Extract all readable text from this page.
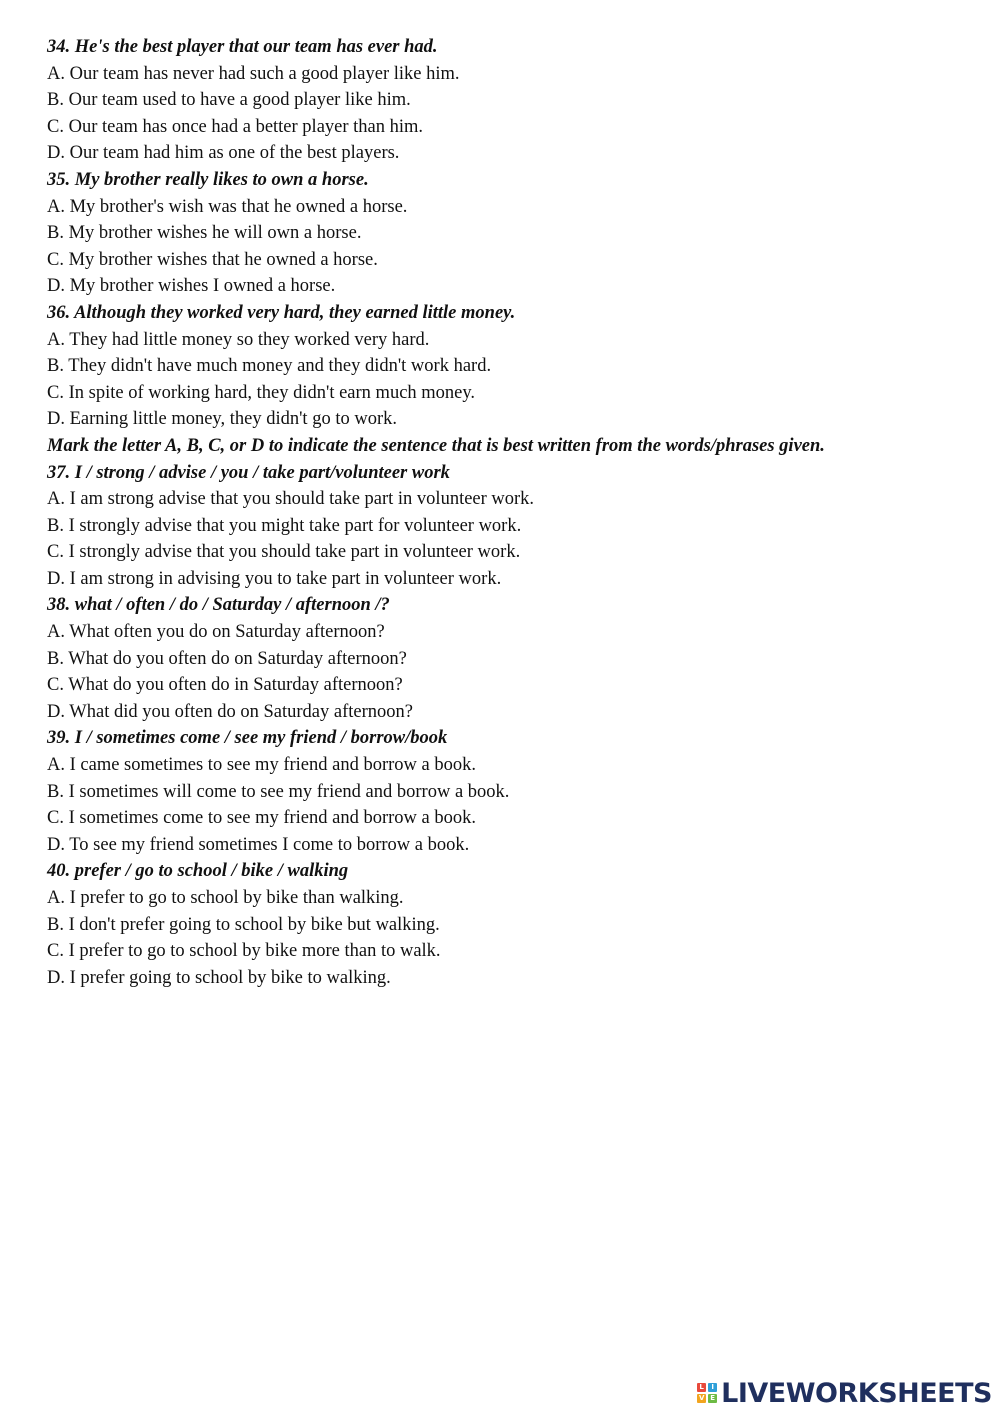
34. He's the best player that our team has ever had.
A. Our team has never had such a good player like him.
B. Our team used to have a good player like him.
C. Our team has once had a better player than him.
D. Our team had him as one of the best players.
35. My brother really likes to own a horse.
A. My brother's wish was that he owned a horse.
B. My brother wishes he will own a horse.
C. My brother wishes that he owned a horse.
D. My brother wishes I owned a horse.
36. Although they worked very hard, they earned little money.
A. They had little money so they worked very hard.
B. They didn't have much money and they didn't work hard.
C. In spite of working hard, they didn't earn much money.
D. Earning little money, they didn't go to work.
Mark the letter A, B, C, or D to indicate the sentence that is best written from the words/phrases given.
37. I / strong / advise / you / take part/volunteer work
A. I am strong advise that you should take part in volunteer work.
B. I strongly advise that you might take part for volunteer work.
C. I strongly advise that you should take part in volunteer work.
D. I am strong in advising you to take part in volunteer work.
38. what / often / do / Saturday / afternoon /?
A. What often you do on Saturday afternoon?
B. What do you often do on Saturday afternoon?
C. What do you often do in Saturday afternoon?
D. What did you often do on Saturday afternoon?
39. I / sometimes come / see my friend / borrow/book
A. I came sometimes to see my friend and borrow a book.
B. I sometimes will come to see my friend and borrow a book.
C. I sometimes come to see my friend and borrow a book.
D. To see my friend sometimes I come to borrow a book.
40. prefer / go to school / bike / walking
A. I prefer to go to school by bike than walking.
B. I don't prefer going to school by bike but walking.
C. I prefer to go to school by bike more than to walk.
D. I prefer going to school by bike to walking.
L	I
V E LIVEWORKSHEETS
